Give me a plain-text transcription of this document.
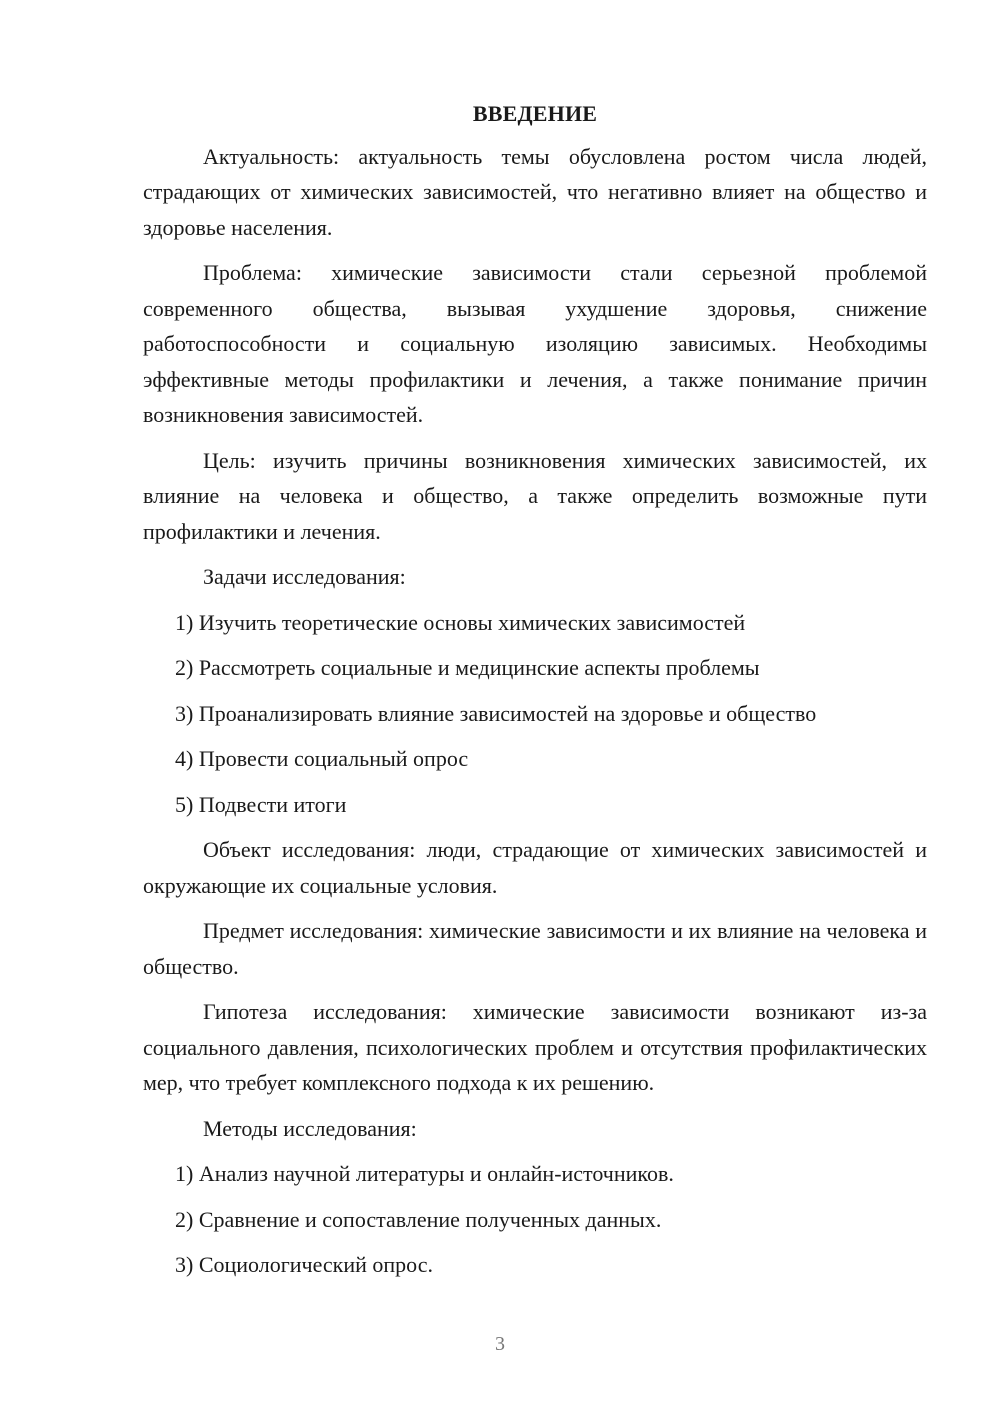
ВВЕДЕНИЕ

Актуальность: актуальность темы обусловлена ростом числа людей, страдающих от химических зависимостей, что негативно влияет на общество и здоровье населения.

Проблема: химические зависимости стали серьезной проблемой современного общества, вызывая ухудшение здоровья, снижение работоспособности и социальную изоляцию зависимых. Необходимы эффективные методы профилактики и лечения, а также понимание причин возникновения зависимостей.

Цель: изучить причины возникновения химических зависимостей, их влияние на человека и общество, а также определить возможные пути профилактики и лечения.

Задачи исследования:

1) Изучить теоретические основы химических зависимостей

2) Рассмотреть социальные и медицинские аспекты проблемы

3) Проанализировать влияние зависимостей на здоровье и общество

4) Провести социальный опрос

5) Подвести итоги

Объект исследования: люди, страдающие от химических зависимостей и окружающие их социальные условия.

Предмет исследования: химические зависимости и их влияние на человека и общество.

Гипотеза исследования: химические зависимости возникают из-за социального давления, психологических проблем и отсутствия профилактических мер, что требует комплексного подхода к их решению.

Методы исследования:

1) Анализ научной литературы и онлайн-источников.

2) Сравнение и сопоставление полученных данных.

3) Социологический опрос.

3
